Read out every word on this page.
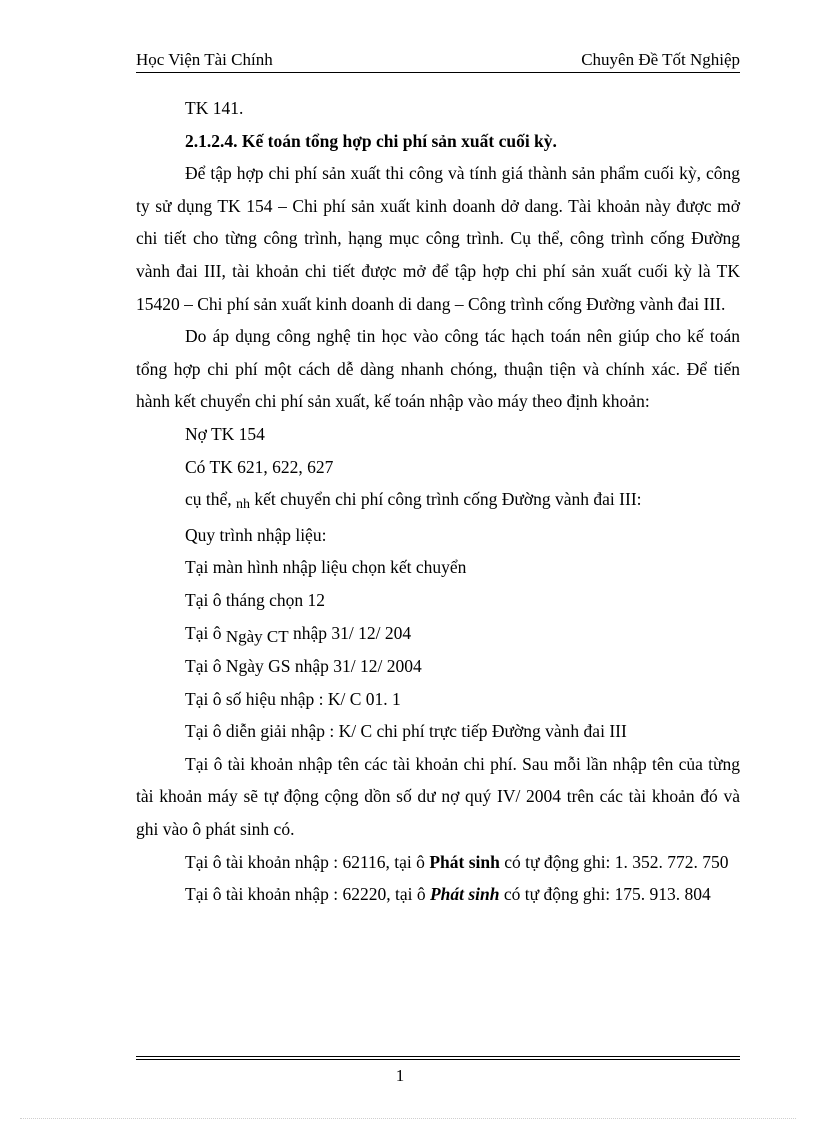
Học Viện Tài Chính	Chuyên Đề Tốt Nghiệp

TK 141.

2.1.2.4. Kế toán tổng hợp chi phí sản xuất cuối kỳ.

Để tập hợp chi phí sản xuất thi công và tính giá thành sản phẩm cuối kỳ, công ty sử dụng TK 154 – Chi phí sản xuất kinh doanh dở dang. Tài khoản này được mở chi tiết cho từng công trình, hạng mục công trình. Cụ thể, công trình cống Đường vành đai III, tài khoản chi tiết được mở để tập hợp chi phí sản xuất cuối kỳ là TK 15420 – Chi phí sản xuất kinh doanh di dang – Công trình cống Đường vành đai III.

Do áp dụng công nghệ tin học vào công tác hạch toán nên giúp cho kế toán tổng hợp chi phí một cách dễ dàng nhanh chóng, thuận tiện và chính xác. Để tiến hành kết chuyển chi phí sản xuất, kế toán nhập vào máy theo định khoản:

Nợ TK 154

Có TK 621, 622, 627

cụ thể, nh kết chuyển chi phí công trình cống Đường vành đai III:

Quy trình nhập liệu:

Tại màn hình nhập liệu chọn kết chuyển

Tại ô tháng chọn 12

Tại ô Ngày CT nhập 31/ 12/ 204

Tại ô Ngày GS nhập 31/ 12/ 2004

Tại ô số hiệu nhập : K/ C 01. 1

Tại ô diễn giải nhập : K/ C chi phí trực tiếp Đường vành đai III

Tại ô tài khoản nhập tên các tài khoản chi phí. Sau mỗi lần nhập tên của từng tài khoản máy sẽ tự động cộng dồn số dư nợ quý IV/ 2004 trên các tài khoản đó và ghi vào ô phát sinh có.

Tại ô tài khoản nhập : 62116, tại ô Phát sinh có tự động ghi: 1. 352. 772. 750

Tại ô tài khoản nhập : 62220, tại ô Phát sinh có tự động ghi: 175. 913. 804

1
